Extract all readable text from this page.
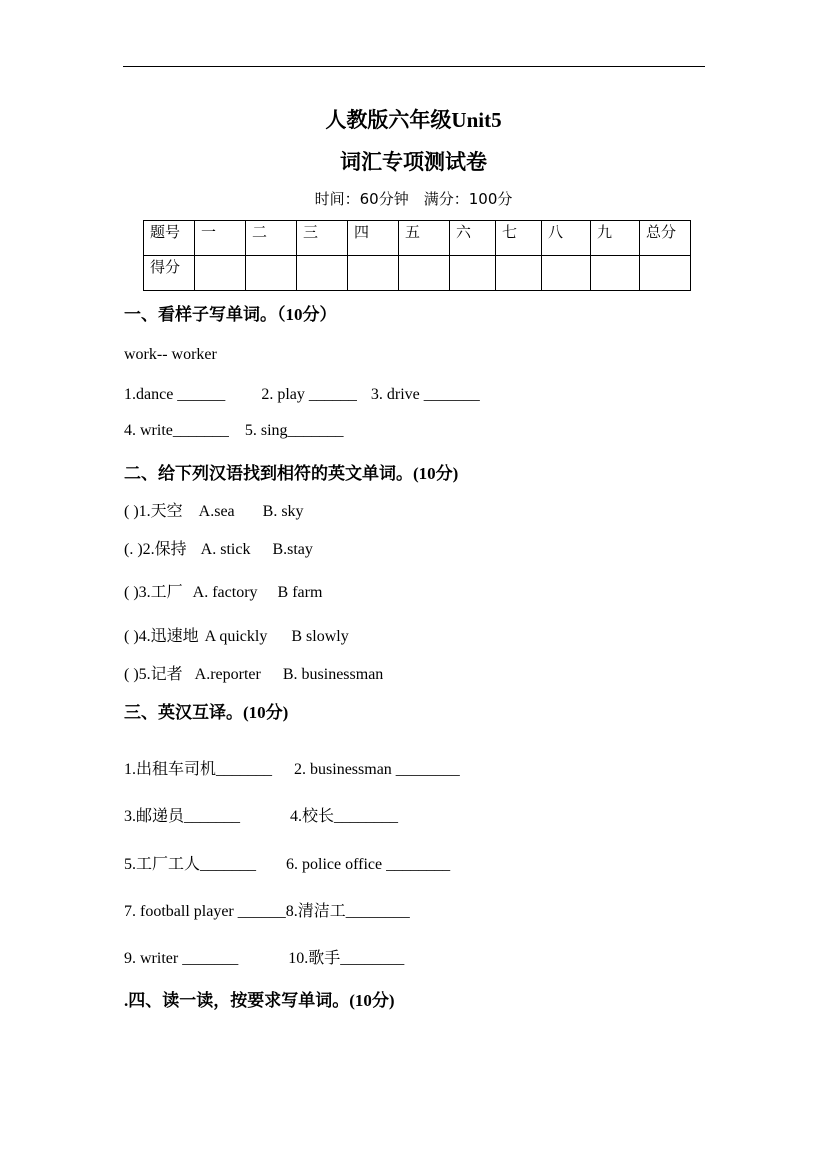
人教版六年级Unit5
词汇专项测试卷
时间：60分钟　满分：100分
题号	一	二	三	四	五	六	七	八	九	总分
得分										
一、看样子写单词。（10分）
work-- worker
1.dance ______ 2. play ______ 3. drive _______
4. write_______ 5. sing_______
二、给下列汉语找到相符的英文单词。(10分)
( )1.天空 A.sea B. sky
(. )2.保持 A. stick B.stay
( )3.工厂 A. factory B farm
( )4.迅速地 A quickly B slowly
( )5.记者 A.reporter B. businessman
三、英汉互译。(10分)
1.出租车司机_______ 2. businessman ________
3.邮递员_______	4.校长________
5.工厂工人_______ 6. police office ________
7. football player ______8.清洁工________
9. writer _______	10.歌手________
.四、读一读，按要求写单词。(10分)
